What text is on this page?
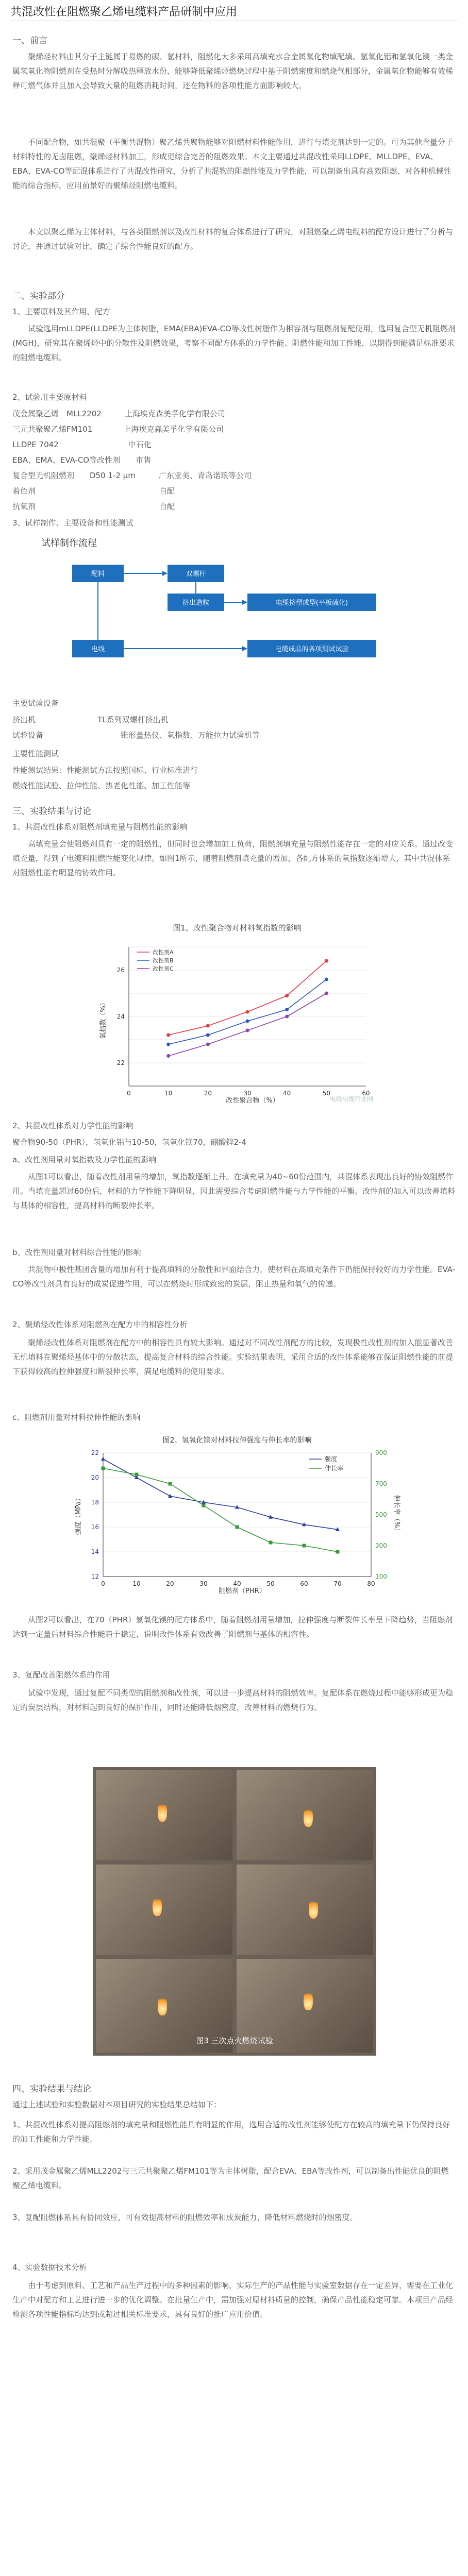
共混改性在阻燃聚乙烯电缆料产品研制中应用
一、前言
聚烯烃材料由其分子主链属于易燃的碳、氢材料，阻燃化大多采用高填充水合金属氧化物填配填。氢氧化铝和氢氧化镁一类金属氢氧化物阻燃剂在受热时分解吸热释放水份，能够降低聚烯烃燃烧过程中基于阻燃密度和燃烧气相部分，金属氧化物能够有效稀释可燃气体并且加入会导致大量的阻燃消耗时间，还在物料的各项性能方面影响较大。
不同配合物，如共混聚（平衡共混物）聚乙烯共聚物能够对阻燃材料性能作用，进行与填充剂达到一定的。可为其他含量分子材料特性的无卤阻燃，聚烯烃材料加工，形成更综合完善的阻燃效果。本文主要通过共混改性采用LLDPE、MLLDPE、EVA、EBA、EVA-CO等配混体系进行了共混改性研究，分析了共混物的阻燃性能及力学性能，可以制备出具有高效阻燃、对各种机械性能的综合指标，应用前景好的聚烯烃阻燃电缆料。
本文以聚乙烯为主体材料，与各类阻燃剂以及改性材料的复合体系进行了研究，对阻燃聚乙烯电缆料的配方设计进行了分析与讨论，并通过试验对比，确定了综合性能良好的配方。
二、实验部分
1、主要原料及其作用、配方
试验选用mLLDPE(LLDPE为主体树脂，EMA(EBA)EVA-CO等改性树脂作为相容剂与阻燃剂复配使用，选用复合型无机阻燃剂(MGH)，研究其在聚烯烃中的分散性及阻燃效果，考察不同配方体系的力学性能、阻燃性能和加工性能，以期得到能满足标准要求的阻燃电缆料。
2、试验用主要原材料
茂金属聚乙烯　MLL2202　　　上海埃克森美孚化学有限公司
三元共聚聚乙烯FM101　　　　上海埃克森美孚化学有限公司
LLDPE 7042　　　　　　　　　中石化
EBA、EMA、EVA-CO等改性剂　　市售
复合型无机阻燃剂　　D50 1-2 μm　　　广东亚美、青岛诺琅等公司
着色剂　　　　　　　　　　　　　　　　自配
抗氧剂　　　　　　　　　　　　　　　　自配
3、试样制作、主要设备和性能测试
试样制作流程
配料	双螺杆
挤出造粒	电缆挤塑成型(平板硫化)
电线	电缆成品的各项测试试验
主要试验设备
挤出机　　　　　　　　TL系列双螺杆挤出机
试验设备　　　　　　　　　　锥形量热仪、氧指数、万能拉力试验机等
主要性能测试
性能测试结果：性能测试方法按照国标、行业标准进行
燃烧性能试验、拉伸性能、热老化性能、加工性能等
三、实验结果与讨论
1、共混改性体系对阻燃剂填充量与阻燃性能的影响
高填充量会使阻燃剂具有一定的阻燃性，但同时也会增加加工负荷，阻燃剂填充量与阻燃性能存在一定的对应关系。通过改变填充量，得到了电缆料阻燃性能变化规律。如图1所示，随着阻燃剂填充量的增加，各配方体系的氧指数逐渐增大，其中共混体系对阻燃性能有明显的协效作用。
图1、改性聚合物对材料氧指数的影响
22
24
26
0	10	20	30	40	50	60
改性剂A
改性剂B
改性剂C
改性聚合物（%）
氧指数（%）
电线电缆行业网
2、共混改性体系对力学性能的影响
聚合物90-50（PHR），氢氧化铝与10-50，氢氧化镁70，硼酸锌2-4
a、改性剂用量对氧指数及力学性能的影响
从图1可以看出，随着改性剂用量的增加，氧指数逐渐上升。在填充量为40~60份范围内，共混体系表现出良好的协效阻燃作用。当填充量超过60份后，材料的力学性能下降明显，因此需要综合考虑阻燃性能与力学性能的平衡。改性剂的加入可以改善填料与基体的相容性，提高材料的断裂伸长率。
b、改性剂用量对材料综合性能的影响
共混物中极性基团含量的增加有利于提高填料的分散性和界面结合力，使材料在高填充条件下仍能保持较好的力学性能。EVA-CO等改性剂具有良好的成炭促进作用，可以在燃烧时形成致密的炭层，阻止热量和氧气的传递。
2、聚烯烃改性体系对阻燃剂在配方中的相容性分析
聚烯烃改性体系对阻燃剂在配方中的相容性具有较大影响。通过对不同改性剂配方的比较，发现极性改性剂的加入能显著改善无机填料在聚烯烃基体中的分散状态，提高复合材料的综合性能。实验结果表明，采用合适的改性体系能够在保证阻燃性能的前提下获得较高的拉伸强度和断裂伸长率，满足电缆料的使用要求。
c、阻燃剂用量对材料拉伸性能的影响
图2、氢氧化镁对材料拉伸强度与伸长率的影响
12
14
16
18
20
22
100
300
500
700
900
0	10	20	30	40	50	60	70	80
强度
伸长率
阻燃剂（PHR）
强度（MPa）	伸长率（%）
从图2可以看出，在70（PHR）氢氧化镁的配方体系中，随着阻燃剂用量增加，拉伸强度与断裂伸长率呈下降趋势，当阻燃剂达到一定量后材料综合性能趋于稳定，说明改性体系有效改善了阻燃剂与基体的相容性。
3、复配改善阻燃体系的作用
试验中发现，通过复配不同类型的阻燃剂和改性剂，可以进一步提高材料的阻燃效率。复配体系在燃烧过程中能够形成更为稳定的炭层结构，对材料起到良好的保护作用，同时还能降低烟密度，改善材料的燃烧行为。
图3 三次点火燃烧试验
四、实验结果与结论
通过上述试验和实验数据对本项目研究的实验结果总结如下：
1、共混改性体系对提高阻燃剂的填充量和阻燃性能具有明显的作用，选用合适的改性剂能够使配方在较高的填充量下仍保持良好的加工性能和力学性能。
2、采用茂金属聚乙烯MLL2202与三元共聚聚乙烯FM101等为主体树脂，配合EVA、EBA等改性剂，可以制备出性能优良的阻燃聚乙烯电缆料。
3、复配阻燃体系具有协同效应，可有效提高材料的阻燃效率和成炭能力，降低材料燃烧时的烟密度。
4、实验数据技术分析
由于考虑到原料、工艺和产品生产过程中的多种因素的影响，实际生产的产品性能与实验室数据存在一定差异，需要在工业化生产中对配方和工艺进行进一步的优化调整。在批量生产中，需加强对原材料质量的控制，确保产品性能稳定可靠。本项目产品经检测各项性能指标均达到或超过相关标准要求，具有良好的推广应用价值。
